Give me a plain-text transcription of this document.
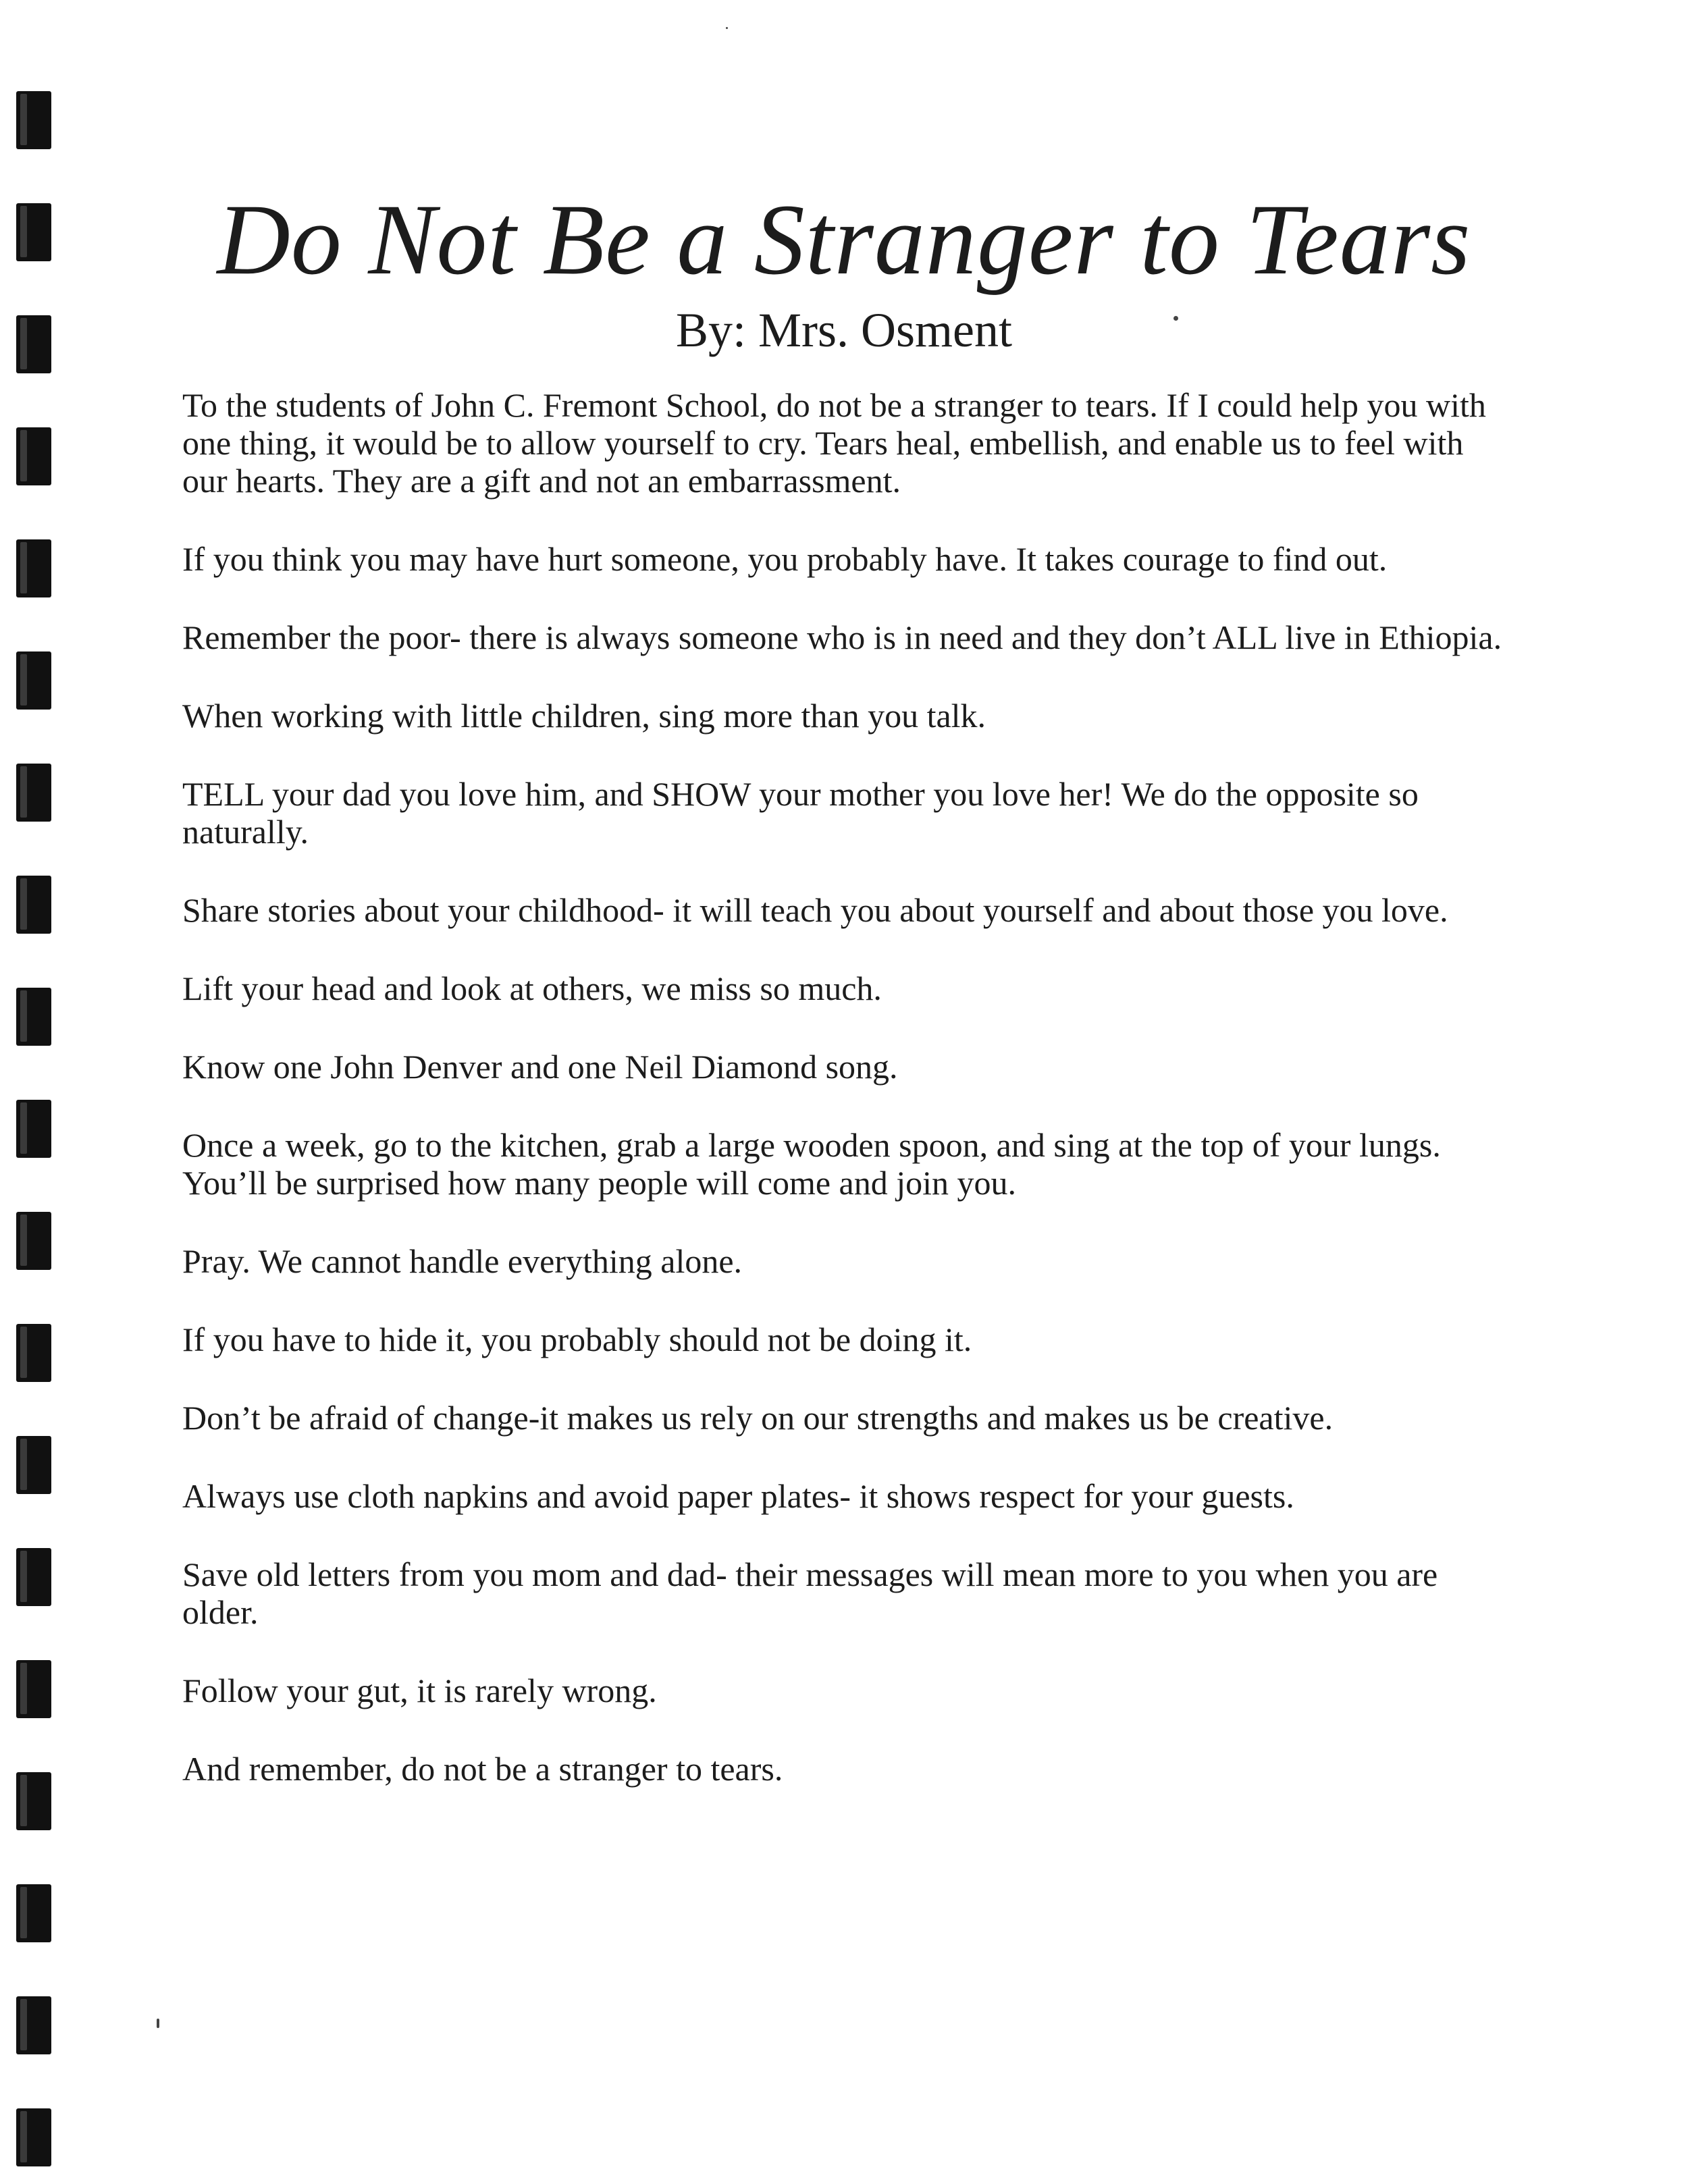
Do Not Be a Stranger to Tears
By: Mrs. Osment

To the students of John C. Fremont School, do not be a stranger to tears. If I could help you with one thing, it would be to allow yourself to cry. Tears heal, embellish, and enable us to feel with our hearts. They are a gift and not an embarrassment.

If you think you may have hurt someone, you probably have. It takes courage to find out.

Remember the poor- there is always someone who is in need and they don’t ALL live in Ethiopia.

When working with little children, sing more than you talk.

TELL your dad you love him, and SHOW your mother you love her! We do the opposite so naturally.

Share stories about your childhood- it will teach you about yourself and about those you love.

Lift your head and look at others, we miss so much.

Know one John Denver and one Neil Diamond song.

Once a week, go to the kitchen, grab a large wooden spoon, and sing at the top of your lungs. You’ll be surprised how many people will come and join you.

Pray. We cannot handle everything alone.

If you have to hide it, you probably should not be doing it.

Don’t be afraid of change-it makes us rely on our strengths and makes us be creative.

Always use cloth napkins and avoid paper plates- it shows respect for your guests.

Save old letters from you mom and dad- their messages will mean more to you when you are older.

Follow your gut, it is rarely wrong.

And remember, do not be a stranger to tears.
